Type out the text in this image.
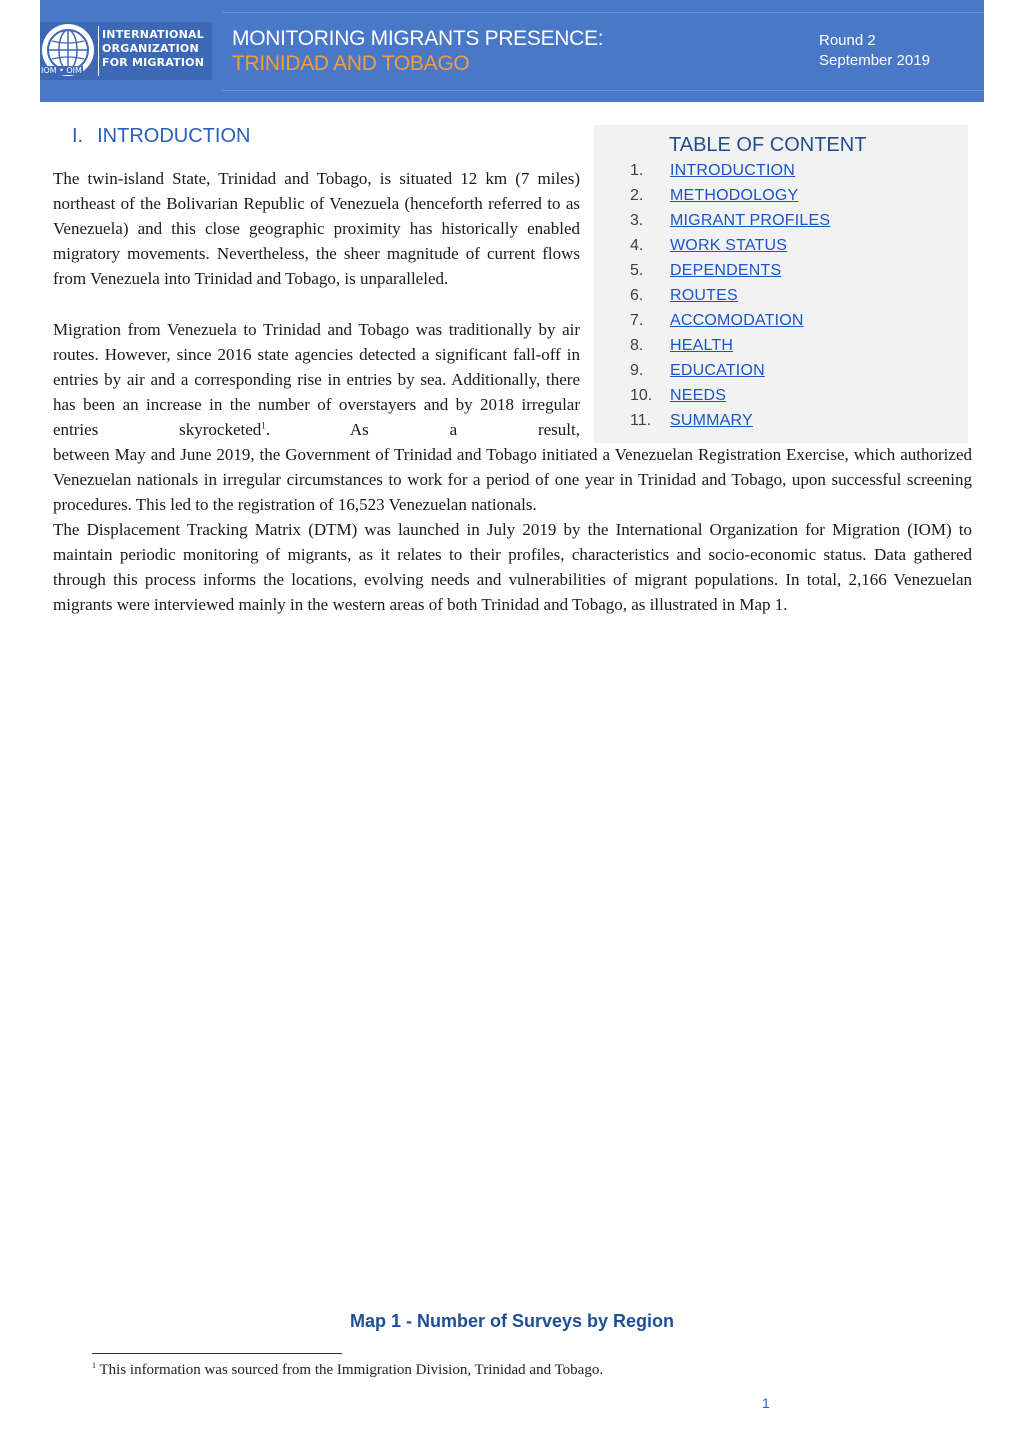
INTERNATIONAL
ORGANIZATION
FOR MIGRATION
IOM • OIM
MONITORING MIGRANTS PRESENCE:
TRINIDAD AND TOBAGO
Round 2
September 2019
I. INTRODUCTION	TABLE OF CONTENT
1.	INTRODUCTION
2.	METHODOLOGY
3.	MIGRANT PROFILES
4.	WORK STATUS
5.	DEPENDENTS
6.	ROUTES
7.	ACCOMODATION
8.	HEALTH
9.	EDUCATION
10.	NEEDS
11.	SUMMARY

The twin-island State, Trinidad and Tobago, is situated 12 km (7 miles) northeast of the Bolivarian Republic of Venezuela (henceforth referred to as Venezuela) and this close geographic proximity has historically enabled migratory movements. Nevertheless, the sheer magnitude of current flows from Venezuela into Trinidad and Tobago, is unparalleled.

Migration from Venezuela to Trinidad and Tobago was traditionally by air routes. However, since 2016 state agencies detected a significant fall-off in entries by air and a corresponding rise in entries by sea. Additionally, there has been an increase in the number of overstayers and by 2018 irregular entries skyrocketed$^1$. As a result,

between May and June 2019, the Government of Trinidad and Tobago initiated a Venezuelan Registration Exercise, which authorized Venezuelan nationals in irregular circumstances to work for a period of one year in Trinidad and Tobago, upon successful screening procedures. This led to the registration of 16,523 Venezuelan nationals.

The Displacement Tracking Matrix (DTM) was launched in July 2019 by the International Organization for Migration (IOM) to maintain periodic monitoring of migrants, as it relates to their profiles, characteristics and socio-economic status. Data gathered through this process informs the locations, evolving needs and vulnerabilities of migrant populations. In total, 2,166 Venezuelan migrants were interviewed mainly in the western areas of both Trinidad and Tobago, as illustrated in Map 1.

Map 1 - Number of Surveys by Region
$^1$ This information was sourced from the Immigration Division, Trinidad and Tobago.
1
